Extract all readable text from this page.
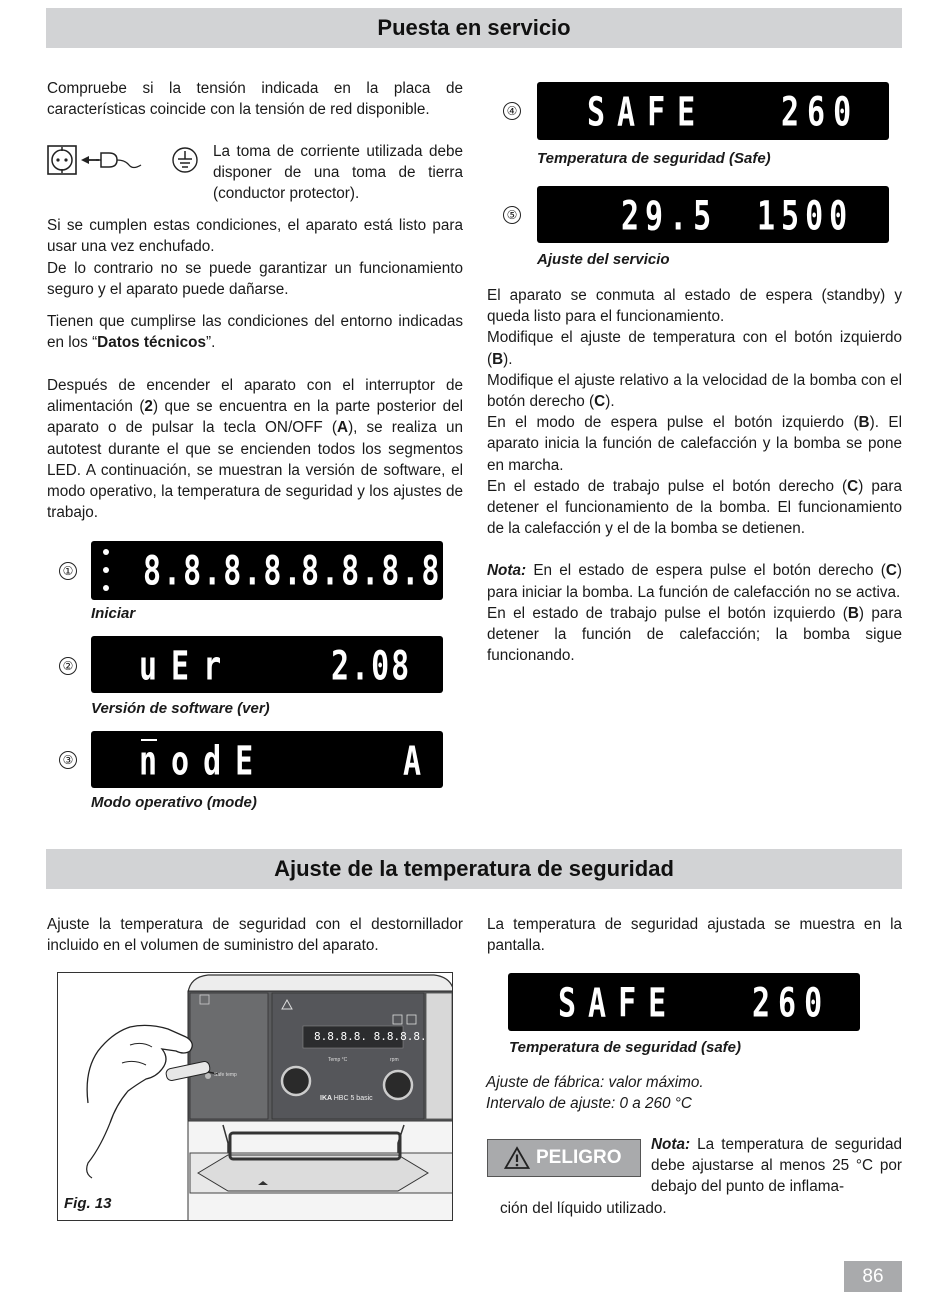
Puesta en servicio

Compruebe si la tensión indicada en la placa de características coincide con la tensión de red disponible.

La toma de corriente utilizada debe disponer de una toma de tierra (conductor protector).

Si se cumplen estas condiciones, el aparato está listo para usar una vez enchufado.

De lo contrario no se puede garantizar un funcionamiento seguro y el aparato puede dañarse.

Tienen que cumplirse las condiciones del entorno indicadas en los “Datos técnicos”.

Después de encender el aparato con el interruptor de alimentación (2) que se encuentra en la parte posterior del aparato o de pulsar la tecla ON/OFF (A), se realiza un autotest durante el que se encienden todos los segmentos LED. A continuación, se muestran la versión de software, el modo operativo, la temperatura de seguridad y los ajustes de trabajo.

① 8.8.8.8.
8.8.8.8.
Iniciar
② uEr	2.08
Versión de software (ver)
③ nodE	A
Modo operativo (mode)
④ SAFE 260
Temperatura de seguridad (Safe)
⑤	29.5 1500
Ajuste del servicio
El aparato se conmuta al estado de espera (standby) y queda listo para el funcionamiento.
Modifique el ajuste de temperatura con el botón izquierdo (B).
Modifique el ajuste relativo a la velocidad de la bomba con el botón derecho (C).
En el modo de espera pulse el botón izquierdo (B). El aparato inicia la función de calefacción y la bomba se pone en marcha.
En el estado de trabajo pulse el botón derecho (C) para detener el funcionamiento de la bomba. El funcionamiento de la calefacción y el de la bomba se detienen.
Nota: En el estado de espera pulse el botón derecho (C) para iniciar la bomba. La función de calefacción no se activa.
En el estado de trabajo pulse el botón izquierdo (B) para detener la función de calefacción; la bomba sigue funcionando.
Ajuste de la temperatura de seguridad

Ajuste la temperatura de seguridad con el destornillador incluido en el volumen de suministro del aparato.

La temperatura de seguridad ajustada se muestra en la pantalla.

8.8.8.8. 8.8.8.8.
Temp °C	rpm
Safe temp
IKA HBC 5 basic
Fig. 13
SAFE 260
Temperatura de seguridad (safe)
Ajuste de fábrica: valor máximo.
Intervalo de ajuste: 0 a 260 °C
PELIGRO
Nota: La temperatura de seguridad debe ajustarse al menos 25 °C por debajo del punto de inflama-
ción del líquido utilizado.
86
